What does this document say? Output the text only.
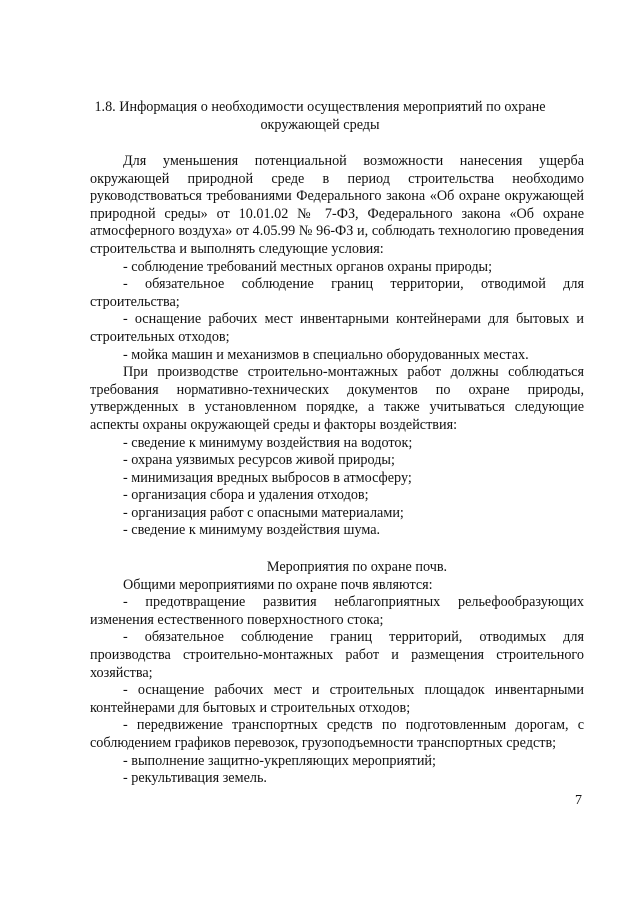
1.8. Информация о необходимости осуществления мероприятий по охране
окружающей среды

Для уменьшения потенциальной возможности нанесения ущерба окружающей природной среде в период строительства необходимо руководствоваться требованиями Федерального закона «Об охране окружающей природной среды» от 10.01.02 № 7-ФЗ, Федерального закона «Об охране атмосферного воздуха» от 4.05.99 № 96-ФЗ и, соблюдать технологию проведения строительства и выполнять следующие условия:

- соблюдение требований местных органов охраны природы;

- обязательное соблюдение границ территории, отводимой для строительства;

- оснащение рабочих мест инвентарными контейнерами для бытовых и строительных отходов;

- мойка машин и механизмов в специально оборудованных местах.

При производстве строительно-монтажных работ должны соблюдаться требования нормативно-технических документов по охране природы, утвержденных в установленном порядке, а также учитываться следующие аспекты охраны окружающей среды и факторы воздействия:

- сведение к минимуму воздействия на водоток;

- охрана уязвимых ресурсов живой природы;

- минимизация вредных выбросов в атмосферу;

- организация сбора и удаления отходов;

- организация работ с опасными материалами;

- сведение к минимуму воздействия шума.

Мероприятия по охране почв.

Общими мероприятиями по охране почв являются:

- предотвращение развития неблагоприятных рельефообразующих изменения естественного поверхностного стока;

- обязательное соблюдение границ территорий, отводимых для производства строительно-монтажных работ и размещения строительного хозяйства;

- оснащение рабочих мест и строительных площадок инвентарными контейнерами для бытовых и строительных отходов;

- передвижение транспортных средств по подготовленным дорогам, с соблюдением графиков перевозок, грузоподъемности транспортных средств;

- выполнение защитно-укрепляющих мероприятий;

- рекультивация земель.

7
